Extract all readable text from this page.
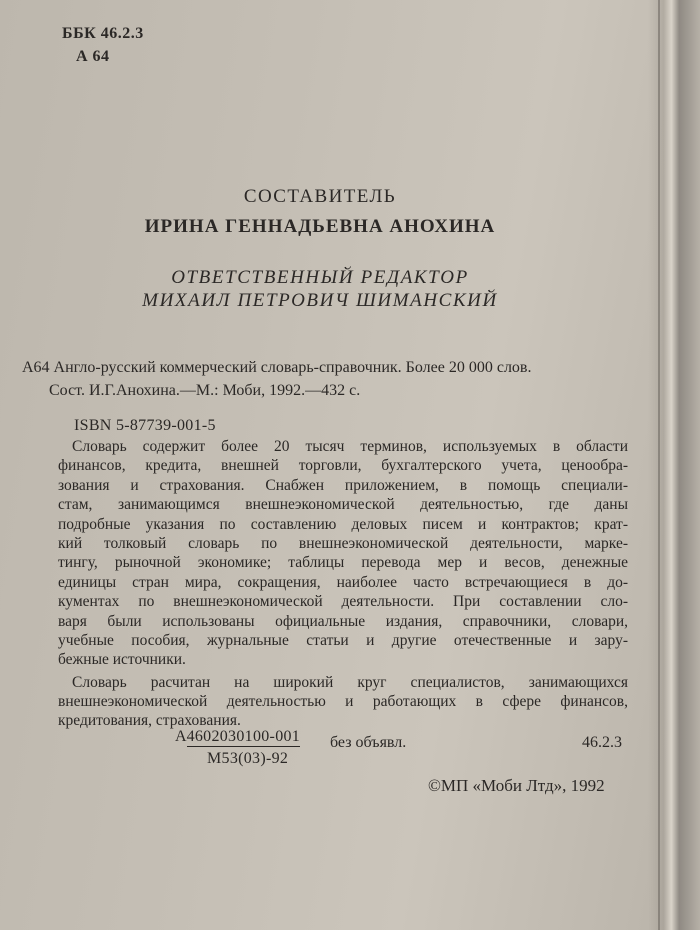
ББК 46.2.3
А 64
СОСТАВИТЕЛЬ
ИРИНА ГЕННАДЬЕВНА АНОХИНА
ОТВЕТСТВЕННЫЙ РЕДАКТОР
МИХАИЛ ПЕТРОВИЧ ШИМАНСКИЙ
А64 Англо-русский коммерческий словарь-справочник. Более 20 000 слов.
Сост. И.Г.Анохина.—М.: Моби, 1992.—432 с.
ISBN 5-87739-001-5
Словарь содержит более 20 тысяч терминов, используемых в области
финансов, кредита, внешней торговли, бухгалтерского учета, ценообра-
зования и страхования. Снабжен приложением, в помощь специали-
стам, занимающимся внешнеэкономической деятельностью, где даны
подробные указания по составлению деловых писем и контрактов; крат-
кий толковый словарь по внешнеэкономической деятельности, марке-
тингу, рыночной экономике; таблицы перевода мер и весов, денежные
единицы стран мира, сокращения, наиболее часто встречающиеся в до-
кументах по внешнеэкономической деятельности. При составлении сло-
варя были использованы официальные издания, справочники, словари,
учебные пособия, журнальные статьи и другие отечественные и зару-
бежные источники.
Словарь расчитан на широкий круг специалистов, занимающихся
внешнеэкономической деятельностью и работающих в сфере финансов,
кредитования, страхования.
А4602030100-001 без объявл.	46.2.3
М53(03)-92
©МП «Моби Лтд», 1992
